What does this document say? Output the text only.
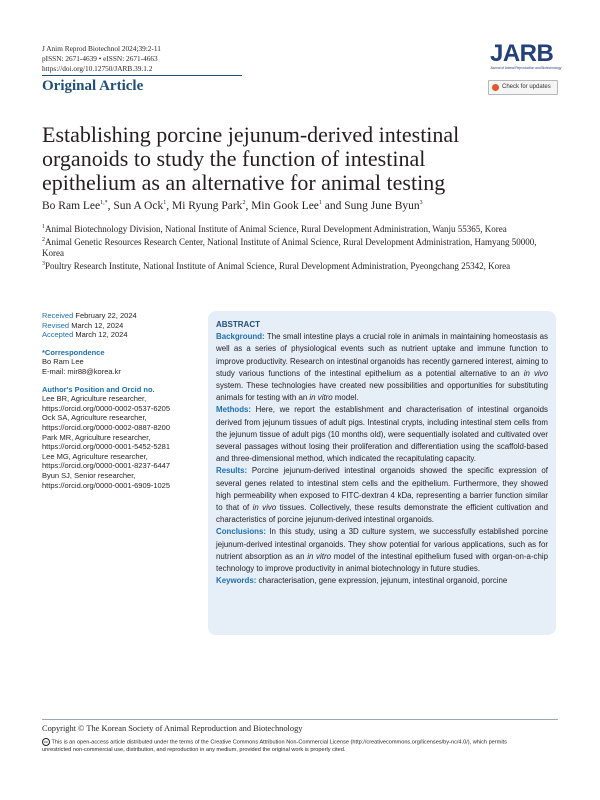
J Anim Reprod Biotechnol 2024;39:2-11
pISSN: 2671-4639 • eISSN: 2671-4663
https://doi.org/10.12750/JARB.39.1.2
Original Article
JARB
Journal of Animal Reproduction and Biotechnology
Check for updates
Establishing porcine jejunum-derived intestinal
organoids to study the function of intestinal
epithelium as an alternative for animal testing
Bo Ram Lee$^{1,*}$, Sun A Ock$^1$, Mi Ryung Park$^2$, Min Gook Lee$^1$ and Sung June Byun$^3$
$^1$Animal Biotechnology Division, National Institute of Animal Science, Rural Development Administration, Wanju 55365, Korea
$^2$Animal Genetic Resources Research Center, National Institute of Animal Science, Rural Development Administration, Hamyang 50000, Korea
$^3$Poultry Research Institute, National Institute of Animal Science, Rural Development Administration, Pyeongchang 25342, Korea
Received February 22, 2024
Revised March 12, 2024
Accepted March 12, 2024
*Correspondence
Bo Ram Lee
E-mail: mir88@korea.kr
Author's Position and Orcid no.
Lee BR, Agriculture researcher,
https://orcid.org/0000-0002-0537-6205
Ock SA, Agriculture researcher,
https://orcid.org/0000-0002-0887-8200
Park MR, Agriculture researcher,
https://orcid.org/0000-0001-5452-5281
Lee MG, Agriculture researcher,
https://orcid.org/0000-0001-8237-6447
Byun SJ, Senior researcher,
https://orcid.org/0000-0001-6909-1025
ABSTRACT

Background: The small intestine plays a crucial role in animals in maintaining homeostasis as well as a series of physiological events such as nutrient uptake and immune function to improve productivity. Research on intestinal organoids has recently garnered interest, aiming to study various functions of the intestinal epithelium as a potential alternative to an in vivo system. These technologies have created new possibilities and opportunities for substituting animals for testing with an in vitro model.

Methods: Here, we report the establishment and characterisation of intestinal organoids derived from jejunum tissues of adult pigs. Intestinal crypts, including intestinal stem cells from the jejunum tissue of adult pigs (10 months old), were sequentially isolated and cultivated over several passages without losing their proliferation and differentiation using the scaffold-based and three-dimensional method, which indicated the recapitulating capacity.

Results: Porcine jejunum-derived intestinal organoids showed the specific expression of several genes related to intestinal stem cells and the epithelium. Furthermore, they showed high permeability when exposed to FITC-dextran 4 kDa, representing a barrier function similar to that of in vivo tissues. Collectively, these results demonstrate the efficient cultivation and characteristics of porcine jejunum-derived intestinal organoids.

Conclusions: In this study, using a 3D culture system, we successfully established porcine jejunum-derived intestinal organoids. They show potential for various applications, such as for nutrient absorption as an in vitro model of the intestinal epithelium fused with organ-on-a-chip technology to improve productivity in animal biotechnology in future studies.

Keywords: characterisation, gene expression, jejunum, intestinal organoid, porcine

Copyright © The Korean Society of Animal Reproduction and Biotechnology
cc This is an open-access article distributed under the terms of the Creative Commons Attribution Non-Commercial License (http://creativecommons.org/licenses/by-nc/4.0/), which permits
unrestricted non-commercial use, distribution, and reproduction in any medium, provided the original work is properly cited.
